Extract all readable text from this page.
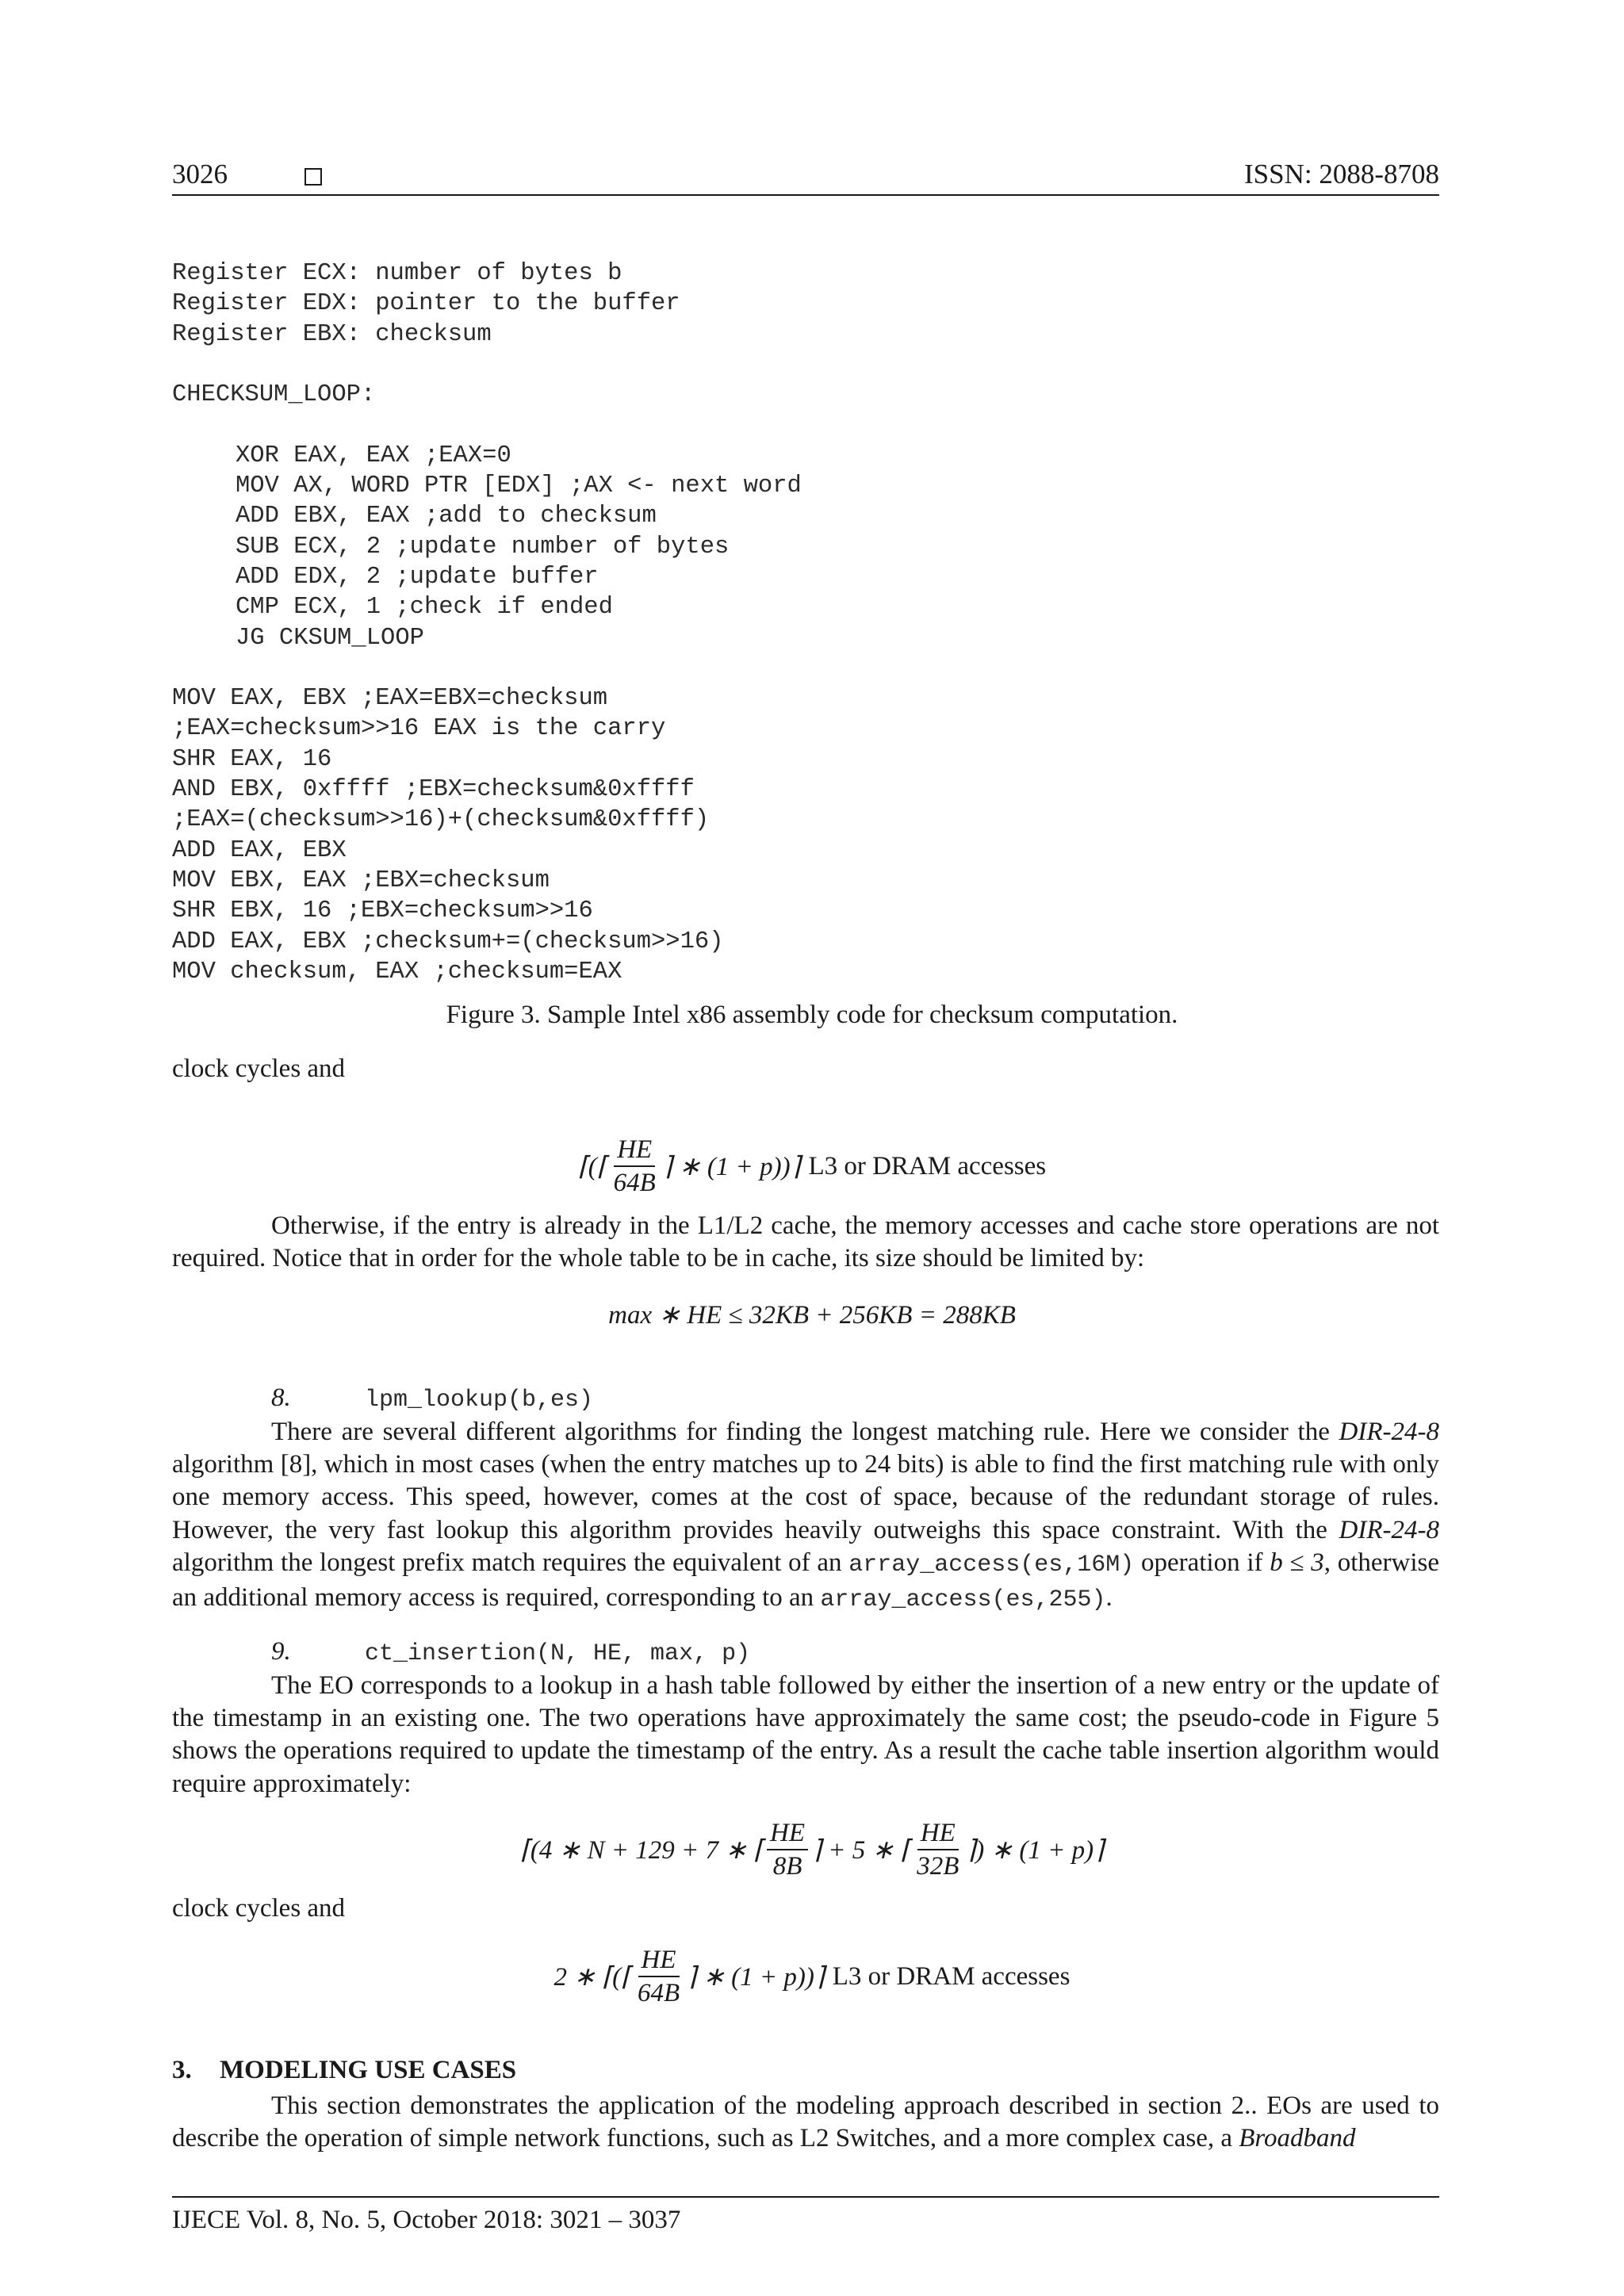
3026	ISSN: 2088-8708
Register ECX: number of bytes b
Register EDX: pointer to the buffer
Register EBX: checksum
CHECKSUM_LOOP:
XOR EAX, EAX ;EAX=0
MOV AX, WORD PTR [EDX] ;AX <- next word
ADD EBX, EAX ;add to checksum
SUB ECX, 2 ;update number of bytes
ADD EDX, 2 ;update buffer
CMP ECX, 1 ;check if ended
JG CKSUM_LOOP
MOV EAX, EBX ;EAX=EBX=checksum
;EAX=checksum>>16 EAX is the carry
SHR EAX, 16
AND EBX, 0xffff ;EBX=checksum&0xffff
;EAX=(checksum>>16)+(checksum&0xffff)
ADD EAX, EBX
MOV EBX, EAX ;EBX=checksum
SHR EBX, 16 ;EBX=checksum>>16
ADD EAX, EBX ;checksum+=(checksum>>16)
MOV checksum, EAX ;checksum=EAX
Figure 3. Sample Intel x86 assembly code for checksum computation.
clock cycles and
⌈(⌈ $\frac{HE}{64B}$ ⌉ ∗ (1 + p))⌉ L3 or DRAM accesses
Otherwise, if the entry is already in the L1/L2 cache, the memory accesses and cache store operations are not required. Notice that in order for the whole table to be in cache, its size should be limited by:
max ∗ HE ≤ 32KB + 256KB = 288KB
8.	lpm_lookup(b,es)
There are several different algorithms for finding the longest matching rule. Here we consider the DIR-24-8 algorithm [8], which in most cases (when the entry matches up to 24 bits) is able to find the first matching rule with only one memory access. This speed, however, comes at the cost of space, because of the redundant storage of rules. However, the very fast lookup this algorithm provides heavily outweighs this space constraint. With the DIR-24-8 algorithm the longest prefix match requires the equivalent of an array_access(es,16M) operation if b ≤ 3, otherwise an additional memory access is required, corresponding to an array_access(es,255).
9.	ct_insertion(N, HE, max, p)
The EO corresponds to a lookup in a hash table followed by either the insertion of a new entry or the update of the timestamp in an existing one. The two operations have approximately the same cost; the pseudo-code in Figure 5 shows the operations required to update the timestamp of the entry. As a result the cache table insertion algorithm would require approximately:
⌈(4 ∗ N + 129 + 7 ∗ ⌈ $\frac{HE}{8B}$ ⌉ + 5 ∗ ⌈ $\frac{HE}{32B}$ ⌉) ∗ (1 + p)⌉
clock cycles and
2 ∗ ⌈(⌈ $\frac{HE}{64B}$ ⌉ ∗ (1 + p))⌉ L3 or DRAM accesses
3. MODELING USE CASES
This section demonstrates the application of the modeling approach described in section 2.. EOs are used to describe the operation of simple network functions, such as L2 Switches, and a more complex case, a Broadband
IJECE Vol. 8, No. 5, October 2018: 3021 – 3037
